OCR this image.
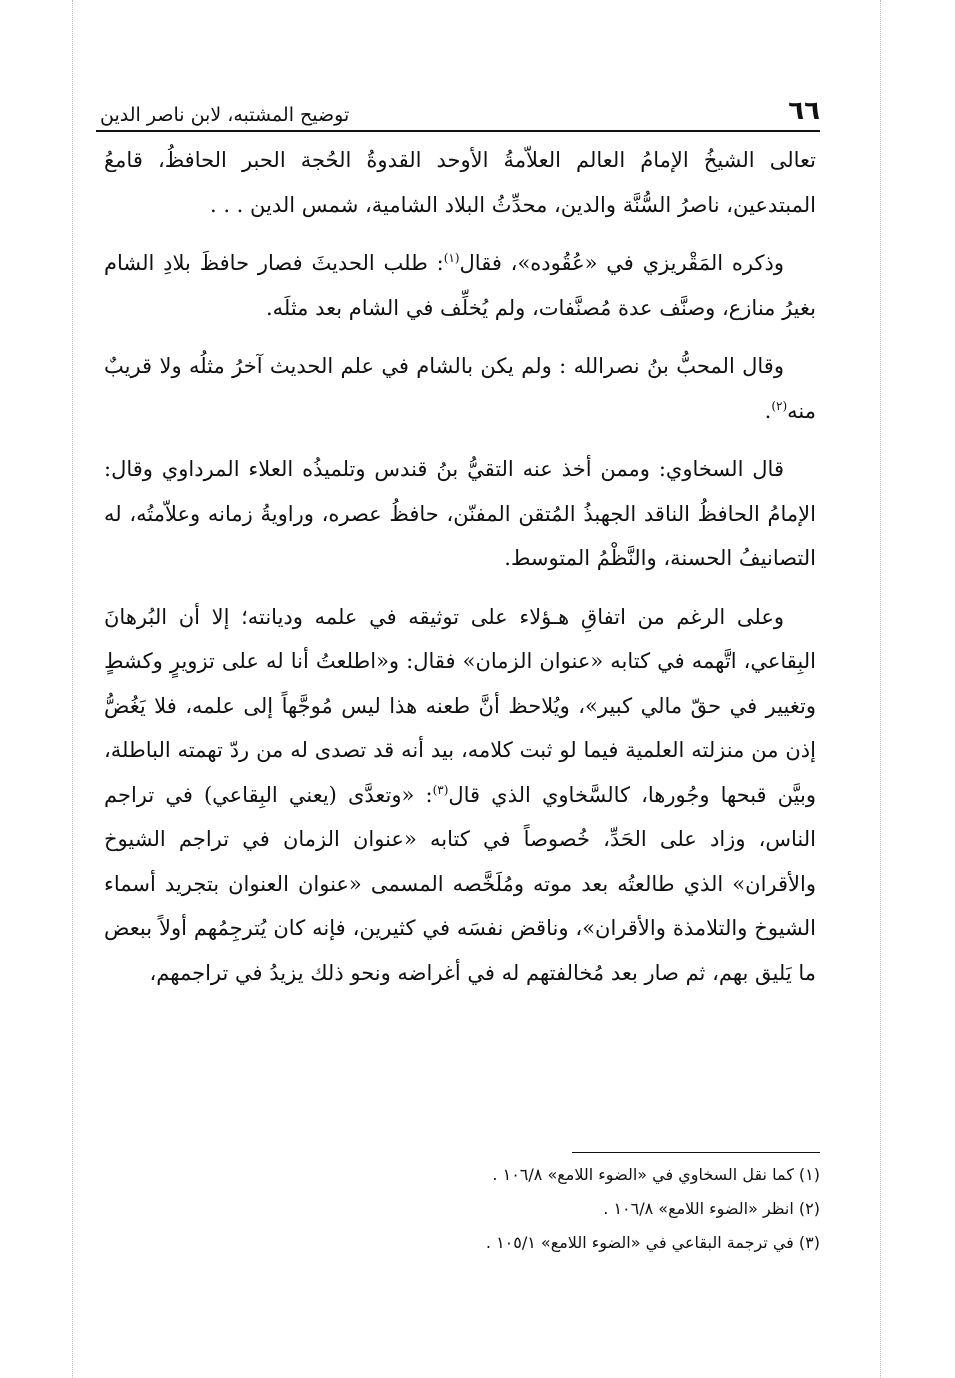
٦٦
توضيح المشتبه، لابن ناصر الدين

تعالى الشيخُ الإمامُ العالم العلاّمةُ الأوحد القدوةُ الحُجة الحبر الحافظُ، قامعُ المبتدعين، ناصرُ السُّنَّة والدين، محدِّثُ البلاد الشامية، شمس الدين . . .

وذكره المَقْريزي في «عُقُوده»، فقال$^{(١)}$: طلب الحديثَ فصار حافظَ بلادِ الشام بغيرُ منازع، وصنَّف عدة مُصنَّفات، ولم يُخلِّف في الشام بعد مثلَه.

وقال المحبُّ بنُ نصرالله : ولم يكن بالشام في علم الحديث آخرُ مثلُه ولا قريبٌ منه$^{(٢)}$.

قال السخاوي: وممن أخذ عنه التقيُّ بنُ قندس وتلميذُه العلاء المرداوي وقال: الإمامُ الحافظُ الناقد الجهبذُ المُتقن المفنّن، حافظُ عصره، وراويةُ زمانه وعلاّمتُه، له التصانيفُ الحسنة، والنَّظْمُ المتوسط.

وعلى الرغم من اتفاقِ هـؤلاء على توثيقه في علمه وديانته؛ إلا أن البُرهانَ البِقاعي، اتَّهمه في كتابه «عنوان الزمان» فقال: و«اطلعتُ أنا له على تزويرٍ وكشطٍ وتغيير في حقّ مالي كبير»، ويُلاحظ أنَّ طعنه هذا ليس مُوجَّهاً إلى علمه، فلا يَغُضُّ إذن من منزلته العلمية فيما لو ثبت كلامه، بيد أنه قد تصدى له من ردّ تهمته الباطلة، وبيَّن قبحها وجُورها، كالسَّخاوي الذي قال$^{(٣)}$: «وتعدَّى (يعني البِقاعي) في تراجم الناس، وزاد على الحَدِّ، خُصوصاً في كتابه «عنوان الزمان في تراجم الشيوخ والأقران» الذي طالعتُه بعد موته ومُلَخَّصه المسمى «عنوان العنوان بتجريد أسماء الشيوخ والتلامذة والأقران»، وناقض نفسَه في كثيرين، فإنه كان يُترجِمُهم أولاً ببعض ما يَليق بهم، ثم صار بعد مُخالفتهم له في أغراضه ونحو ذلك يزيدُ في تراجمهم،

(١) كما نقل السخاوي في «الضوء اللامع» ١٠٦/٨ .

(٢) انظر «الضوء اللامع» ١٠٦/٨ .

(٣) في ترجمة البقاعي في «الضوء اللامع» ١٠٥/١ .
